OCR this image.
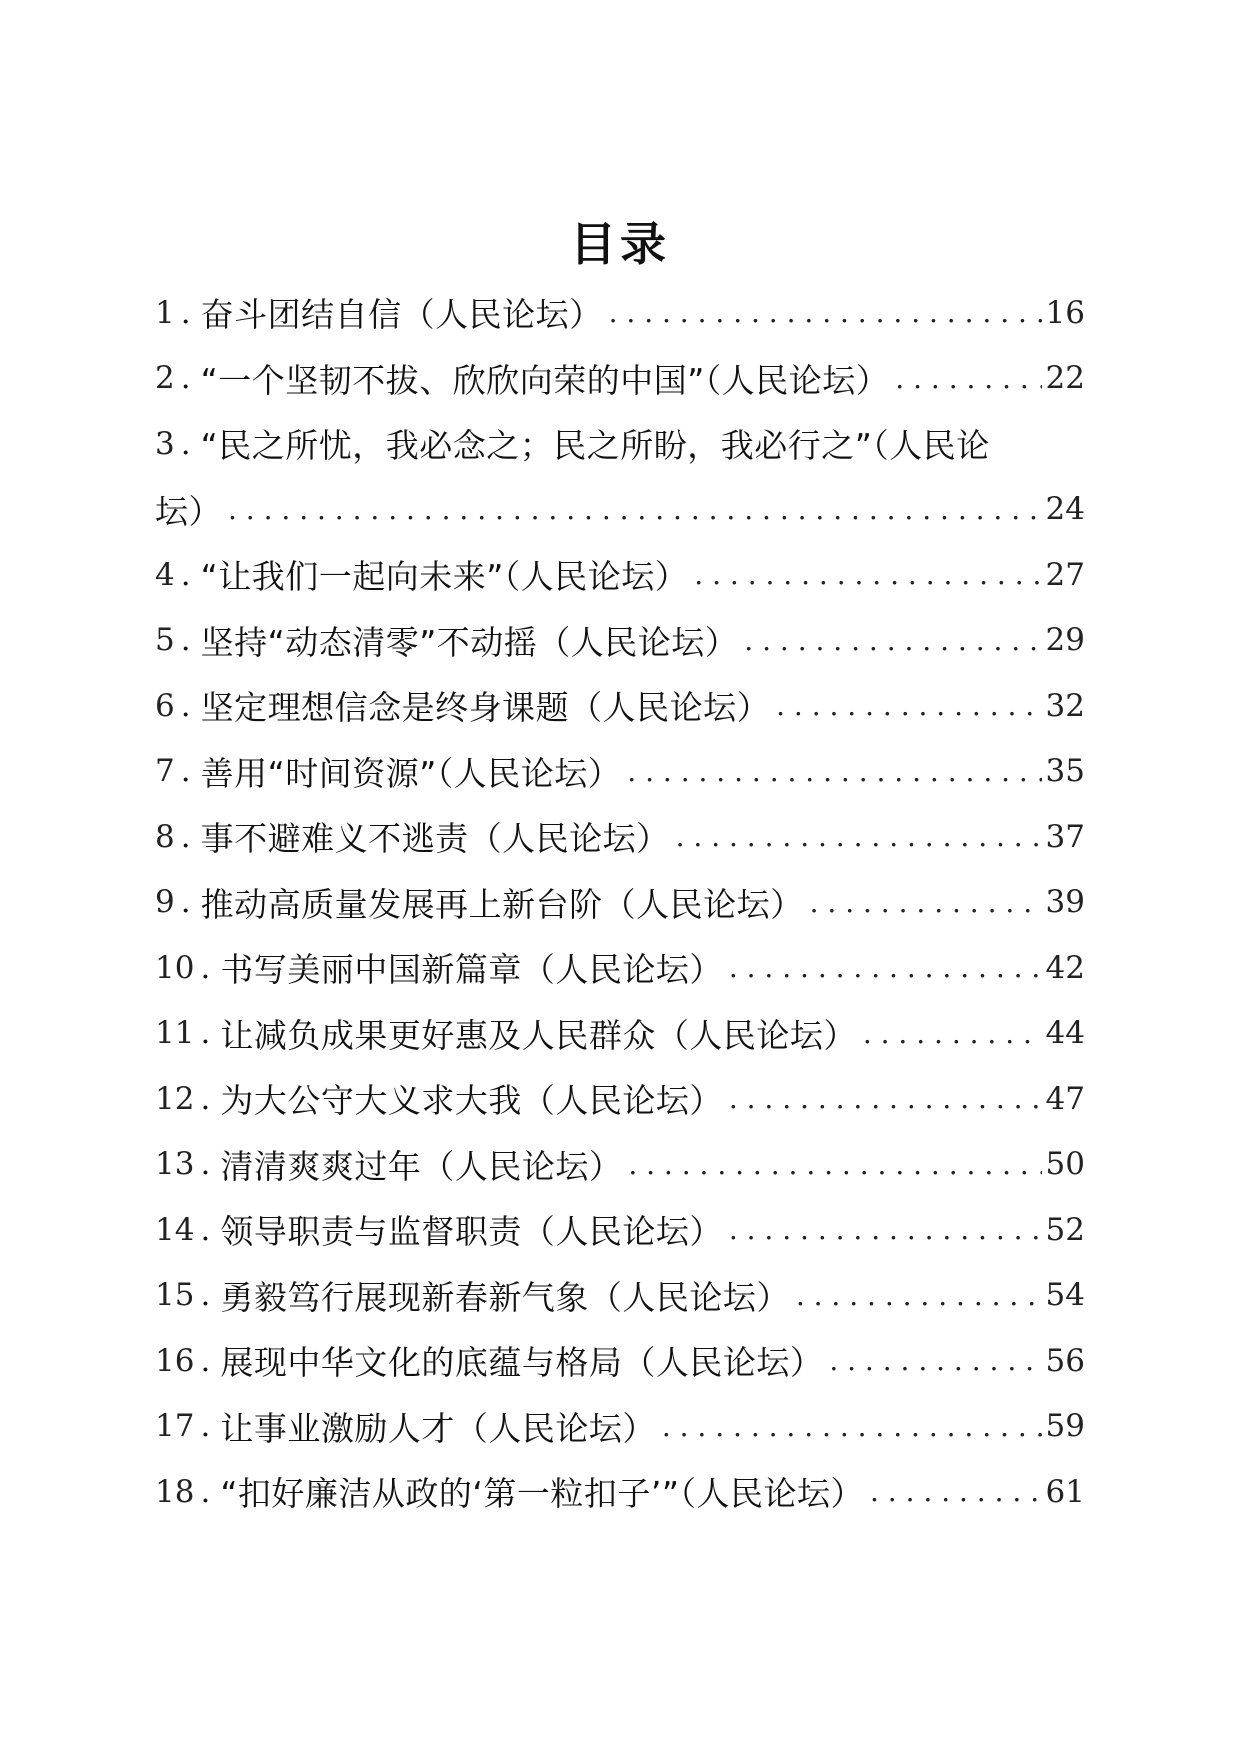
目录
1 . 奋斗团结自信（人民论坛） . . .	16
2 . “一个坚韧不拔、欣欣向荣的中国”（人民论坛） . . .	22
3 . “民之所忧，我必念之；民之所盼，我必行之”（人民论
坛） . . .	24
4 . “让我们一起向未来”（人民论坛） . . .	27
5 . 坚持“动态清零”不动摇（人民论坛） . . .	29
6 . 坚定理想信念是终身课题（人民论坛） . . .	32
7 . 善用“时间资源”（人民论坛） . . .	35
8 . 事不避难义不逃责（人民论坛） . . .	37
9 . 推动高质量发展再上新台阶（人民论坛） . . .	39
10 . 书写美丽中国新篇章（人民论坛） . . .	42
11 . 让减负成果更好惠及人民群众（人民论坛） . . .	44
12 . 为大公守大义求大我（人民论坛） . . .	47
13 . 清清爽爽过年（人民论坛） . . .	50
14 . 领导职责与监督职责（人民论坛） . . .	52
15 . 勇毅笃行展现新春新气象（人民论坛） . . .	54
16 . 展现中华文化的底蕴与格局（人民论坛） . . .	56
17 . 让事业激励人才（人民论坛） . . .	59
18 . “扣好廉洁从政的‘第一粒扣子’”（人民论坛） . . .	61
